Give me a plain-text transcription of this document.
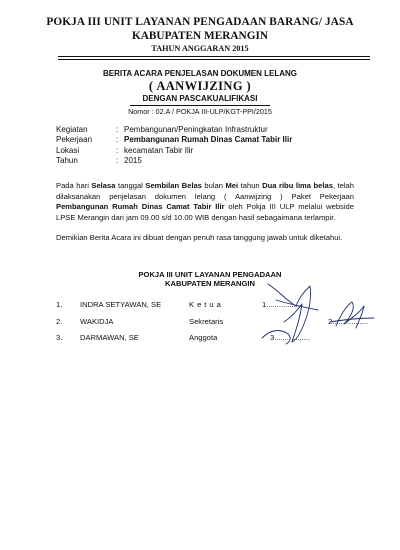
POKJA III UNIT LAYANAN PENGADAAN BARANG/ JASA
KABUPATEN MERANGIN
TAHUN ANGGARAN 2015
BERITA ACARA PENJELASAN DOKUMEN LELANG
( AANWIJZING )
DENGAN PASCAKUALIFIKASI
Nomor : 02.A / POKJA III-ULP/KGT-PPI/2015
Kegiatan	: Pembangunan/Peningkatan Infrastruktur
Pekerjaan	: Pembangunan Rumah Dinas Camat Tabir Ilir
Lokasi	: kecamatan Tabir Ilir
Tahun	: 2015
Pada hari Selasa tanggal Sembilan Belas bulan Mei tahun Dua ribu lima belas, telah dilaksanakan penjelasan dokumen lelang ( Aanwijzing ) Paket Pekerjaan Pembangunan Rumah Dinas Camat Tabir Ilir oleh Pokja III ULP melalui webside LPSE Merangin dari jam 09.00 s/d 10.00 WIB dengan hasil sebagaimana terlampir.
Demikian Berita Acara ini dibuat dengan penuh rasa tanggung jawab untuk diketahui.
POKJA III UNIT LAYANAN PENGADAAN
KABUPATEN MERANGIN
1. INDRA SETYAWAN, SE	Ketua	1.................
2. WAKIDJA	Sekretaris	2.................
3. DARMAWAN, SE	Anggota	3.................
